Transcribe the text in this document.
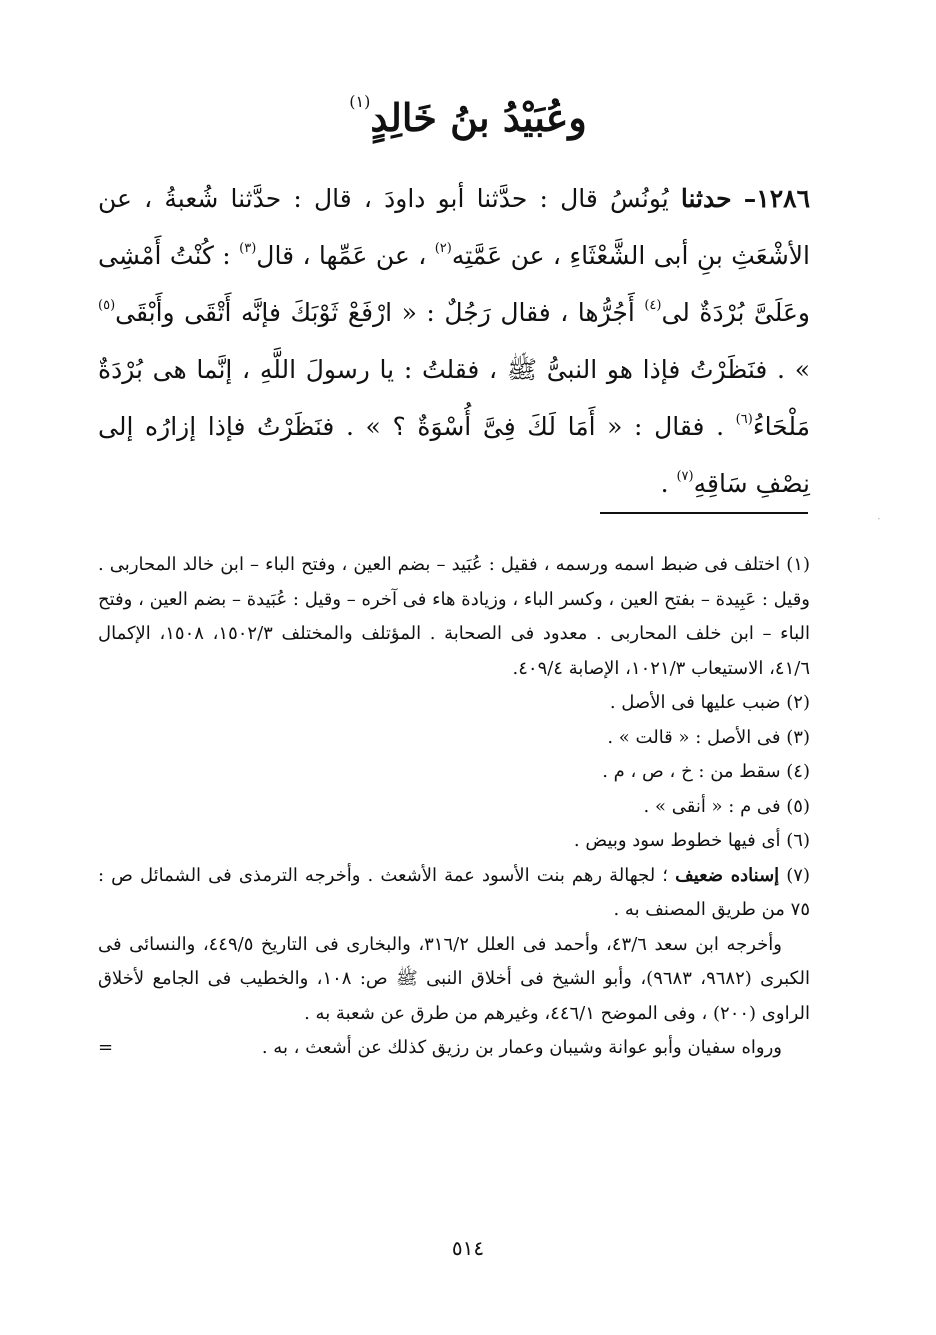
وعُبَيْدُ بنُ خَالِدٍ$^{(١)}$
١٢٨٦– حدثنا يُونُسُ قال : حدَّثنا أبو داودَ ، قال : حدَّثنا شُعبةُ ، عن الأشْعَثِ بنِ أبى الشَّعْثَاءِ ، عن عَمَّتِه$^{(٢)}$ ، عن عَمِّها ، قال$^{(٣)}$ : كُنْتُ أَمْشِى وعَلَىَّ بُرْدَةٌ لى$^{(٤)}$ أَجُرُّها ، فقال رَجُلٌ : « ارْفَعْ ثَوْبَكَ فإنَّه أَتْقَى وأَبْقَى$^{(٥)}$ » . فنَظَرْتُ فإذا هو النبىُّ ﷺ ، فقلتُ : يا رسولَ اللَّهِ ، إنَّما هى بُرْدَةٌ مَلْحَاءُ$^{(٦)}$ . فقال : « أَمَا لَكَ فِىَّ أُسْوَةٌ ؟ » . فنَظَرْتُ فإذا إزارُه إلى نِصْفِ سَاقِهِ$^{(٧)}$ .
·

(١) اختلف فى ضبط اسمه ورسمه ، فقيل : عُبَيد – بضم العين ، وفتح الباء – ابن خالد المحاربى . وقيل : عَبِيدة – بفتح العين ، وكسر الباء ، وزيادة هاء فى آخره – وقيل : عُبَيدة – بضم العين ، وفتح الباء – ابن خلف المحاربى . معدود فى الصحابة . المؤتلف والمختلف ١٥٠٢/٣، ١٥٠٨، الإكمال ٤١/٦، الاستيعاب ١٠٢١/٣، الإصابة ٤٠٩/٤.

(٢) ضبب عليها فى الأصل .

(٣) فى الأصل : « قالت » .

(٤) سقط من : خ ، ص ، م .

(٥) فى م : « أنقى » .

(٦) أى فيها خطوط سود وبيض .

(٧) إسناده ضعيف ؛ لجهالة رهم بنت الأسود عمة الأشعث . وأخرجه الترمذى فى الشمائل ص : ٧٥ من طريق المصنف به .

وأخرجه ابن سعد ٤٣/٦، وأحمد فى العلل ٣١٦/٢، والبخارى فى التاريخ ٤٤٩/٥، والنسائى فى الكبرى (٩٦٨٢، ٩٦٨٣)، وأبو الشيخ فى أخلاق النبى ﷺ ص: ١٠٨، والخطيب فى الجامع لأخلاق الراوى (٢٠٠) ، وفى الموضح ٤٤٦/١، وغيرهم من طرق عن شعبة به .

ورواه سفيان وأبو عوانة وشيبان وعمار بن رزيق كذلك عن أشعث ، به .
=

٥١٤
